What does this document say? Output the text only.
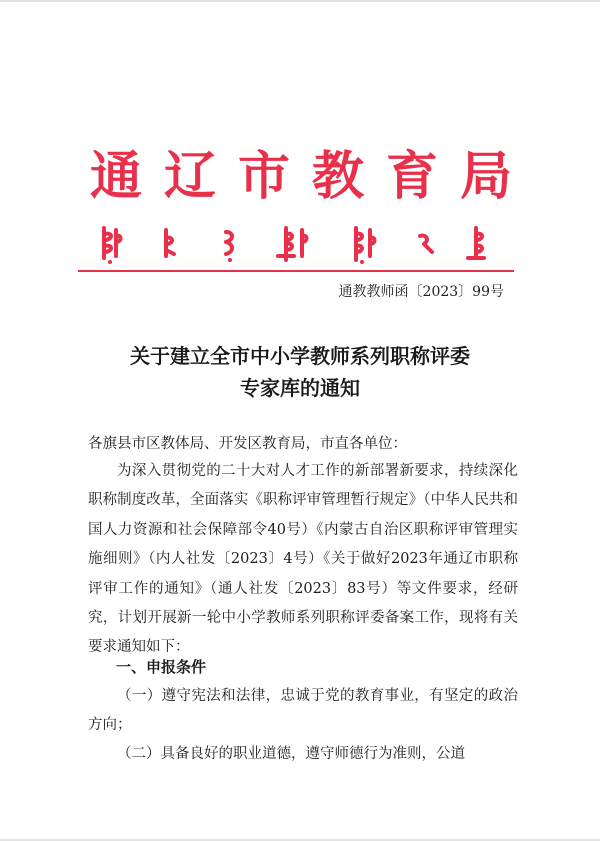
通 辽 市 教 育 局
通教教师函〔2023〕99号
关于建立全市中小学教师系列职称评委
专家库的通知
各旗县市区教体局、开发区教育局，市直各单位：
为深入贯彻党的二十大对人才工作的新部署新要求，持续深化职称制度改革，全面落实《职称评审管理暂行规定》（中华人民共和国人力资源和社会保障部令40号）《内蒙古自治区职称评审管理实施细则》（内人社发〔2023〕4号）《关于做好2023年通辽市职称评审工作的通知》（通人社发〔2023〕83号）等文件要求，经研究，计划开展新一轮中小学教师系列职称评委备案工作，现将有关要求通知如下：
一、申报条件
（一）遵守宪法和法律，忠诚于党的教育事业，有坚定的政治方向；
（二）具备良好的职业道德，遵守师德行为准则，公道
